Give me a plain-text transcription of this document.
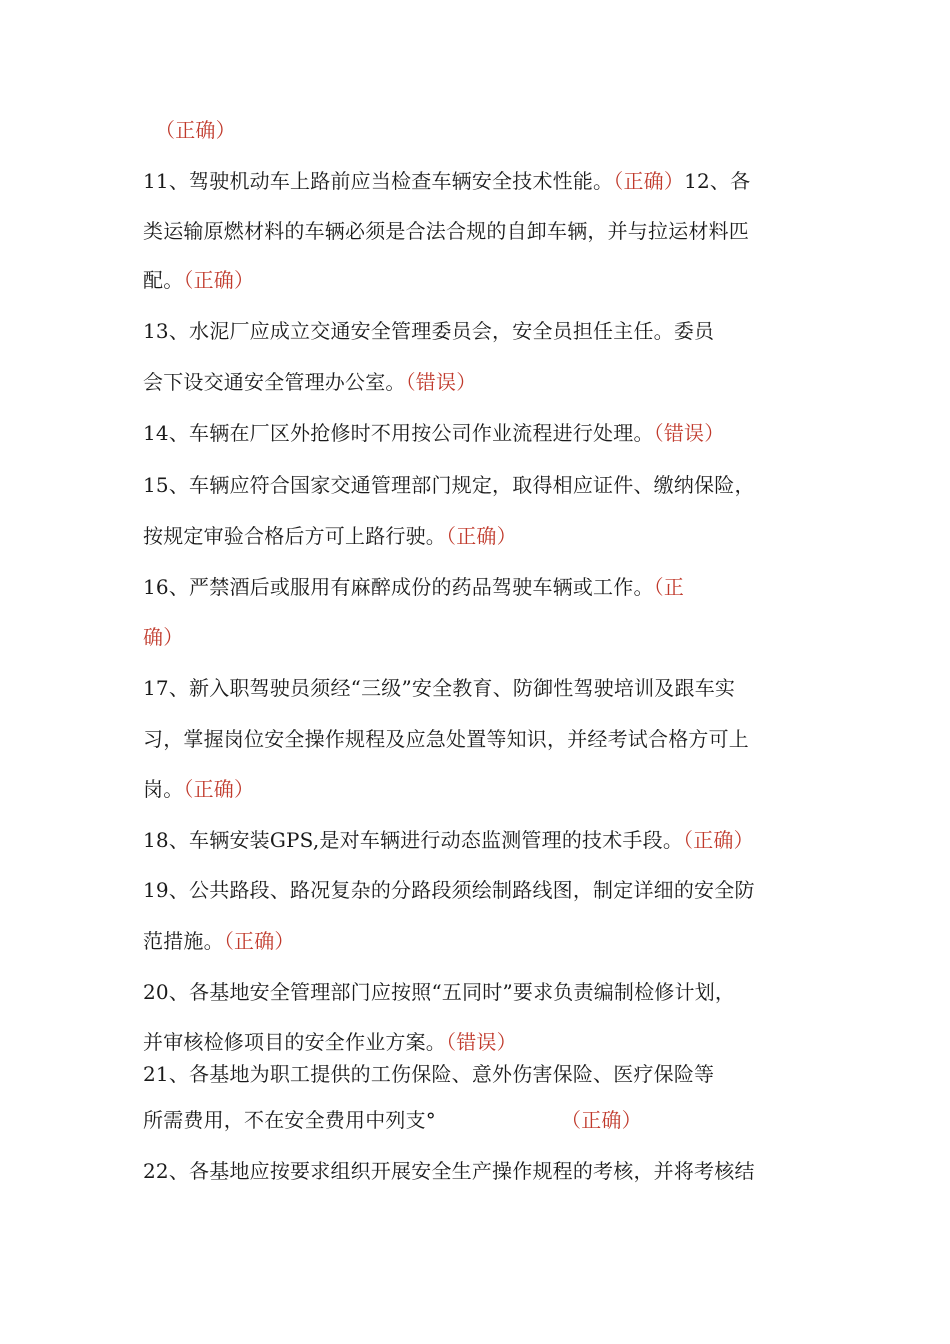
（正确）
11、驾驶机动车上路前应当检查车辆安全技术性能。（正确）12、各
类运输原燃材料的车辆必须是合法合规的自卸车辆，并与拉运材料匹
配。（正确）
13、水泥厂应成立交通安全管理委员会，安全员担任主任。委员
会下设交通安全管理办公室。（错误）
14、车辆在厂区外抢修时不用按公司作业流程进行处理。（错误）
15、车辆应符合国家交通管理部门规定，取得相应证件、缴纳保险，
按规定审验合格后方可上路行驶。（正确）
16、严禁酒后或服用有麻醉成份的药品驾驶车辆或工作。（正
确）
17、新入职驾驶员须经“三级”安全教育、防御性驾驶培训及跟车实
习，掌握岗位安全操作规程及应急处置等知识，并经考试合格方可上
岗。（正确）
18、车辆安装GPS,是对车辆进行动态监测管理的技术手段。（正确）
19、公共路段、路况复杂的分路段须绘制路线图，制定详细的安全防
范措施。（正确）
20、各基地安全管理部门应按照“五同时”要求负责编制检修计划，
并审核检修项目的安全作业方案。（错误）
21、各基地为职工提供的工伤保险、意外伤害保险、医疗保险等
所需费用，不在安全费用中列支°	（正确）
22、各基地应按要求组织开展安全生产操作规程的考核，并将考核结
